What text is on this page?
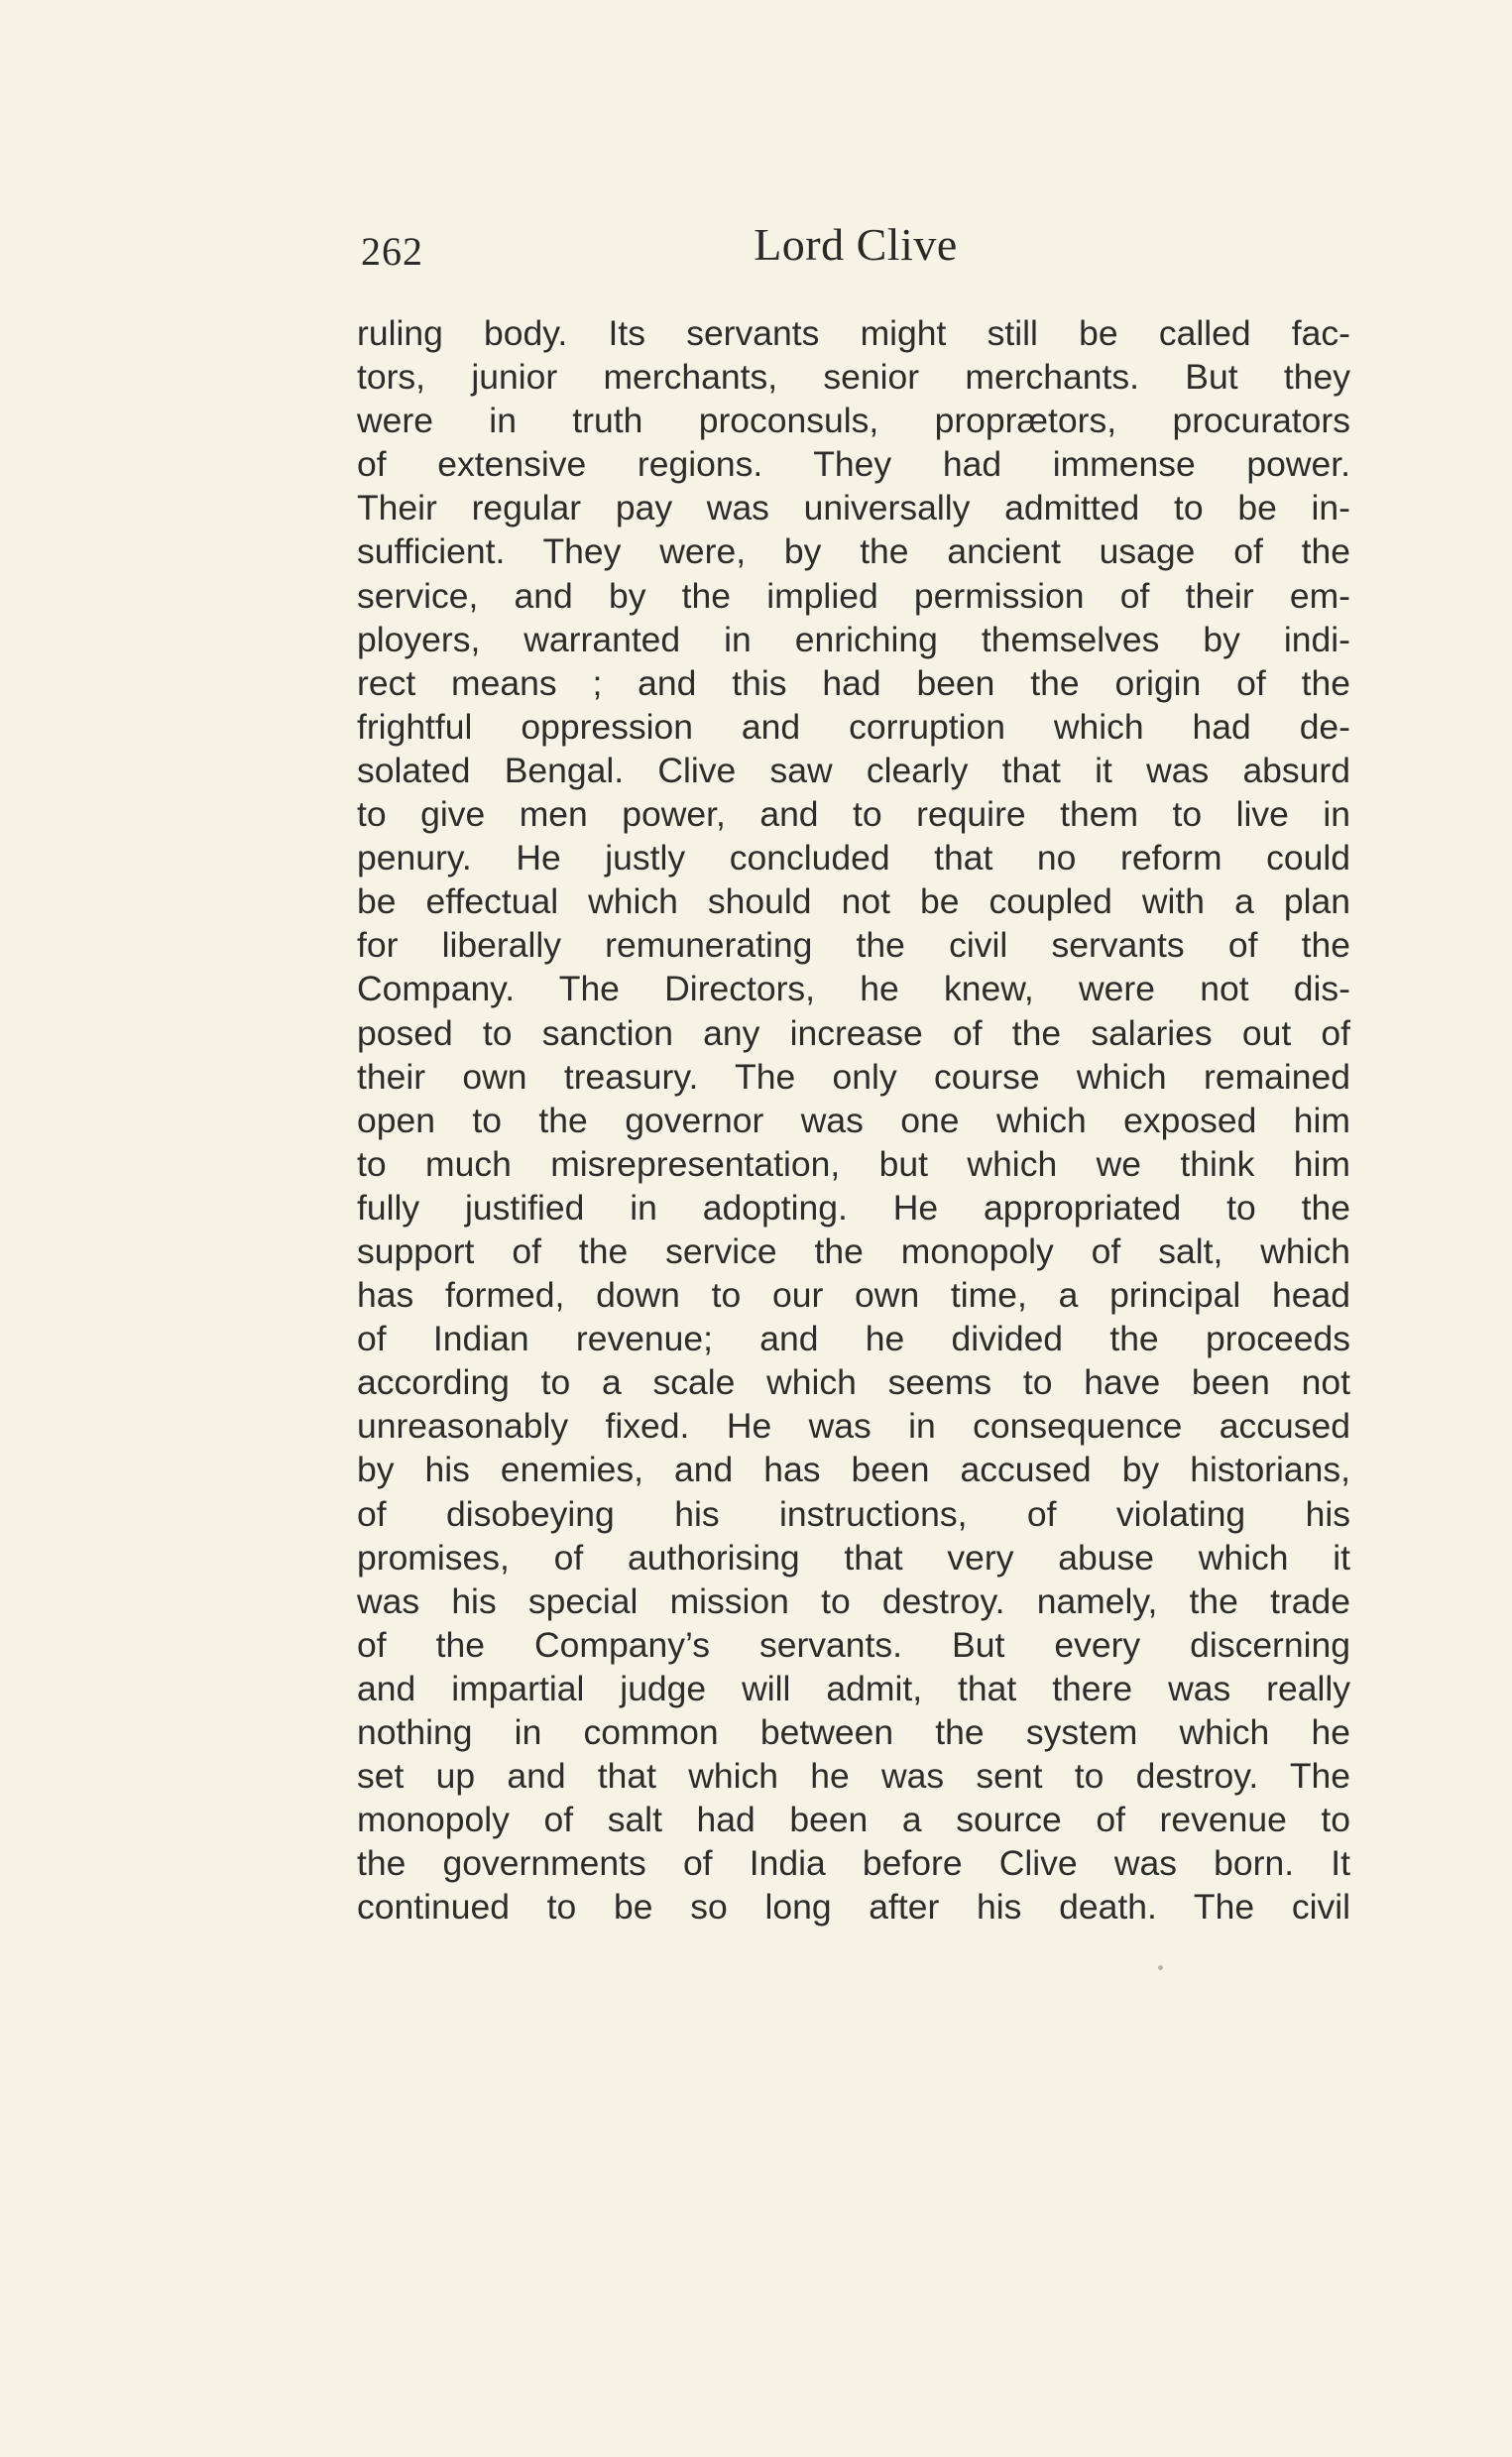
262	Lord Clive
ruling body. Its servants might still be called fac-
tors, junior merchants, senior merchants. But they
were in truth proconsuls, proprætors, procurators
of extensive regions. They had immense power.
Their regular pay was universally admitted to be in-
sufficient. They were, by the ancient usage of the
service, and by the implied permission of their em-
ployers, warranted in enriching themselves by indi-
rect means ; and this had been the origin of the
frightful oppression and corruption which had de-
solated Bengal. Clive saw clearly that it was absurd
to give men power, and to require them to live in
penury. He justly concluded that no reform could
be effectual which should not be coupled with a plan
for liberally remunerating the civil servants of the
Company. The Directors, he knew, were not dis-
posed to sanction any increase of the salaries out of
their own treasury. The only course which remained
open to the governor was one which exposed him
to much misrepresentation, but which we think him
fully justified in adopting. He appropriated to the
support of the service the monopoly of salt, which
has formed, down to our own time, a principal head
of Indian revenue; and he divided the proceeds
according to a scale which seems to have been not
unreasonably fixed. He was in consequence accused
by his enemies, and has been accused by historians,
of disobeying his instructions, of violating his
promises, of authorising that very abuse which it
was his special mission to destroy. namely, the trade
of the Company’s servants. But every discerning
and impartial judge will admit, that there was really
nothing in common between the system which he
set up and that which he was sent to destroy. The
monopoly of salt had been a source of revenue to
the governments of India before Clive was born. It
continued to be so long after his death. The civil
